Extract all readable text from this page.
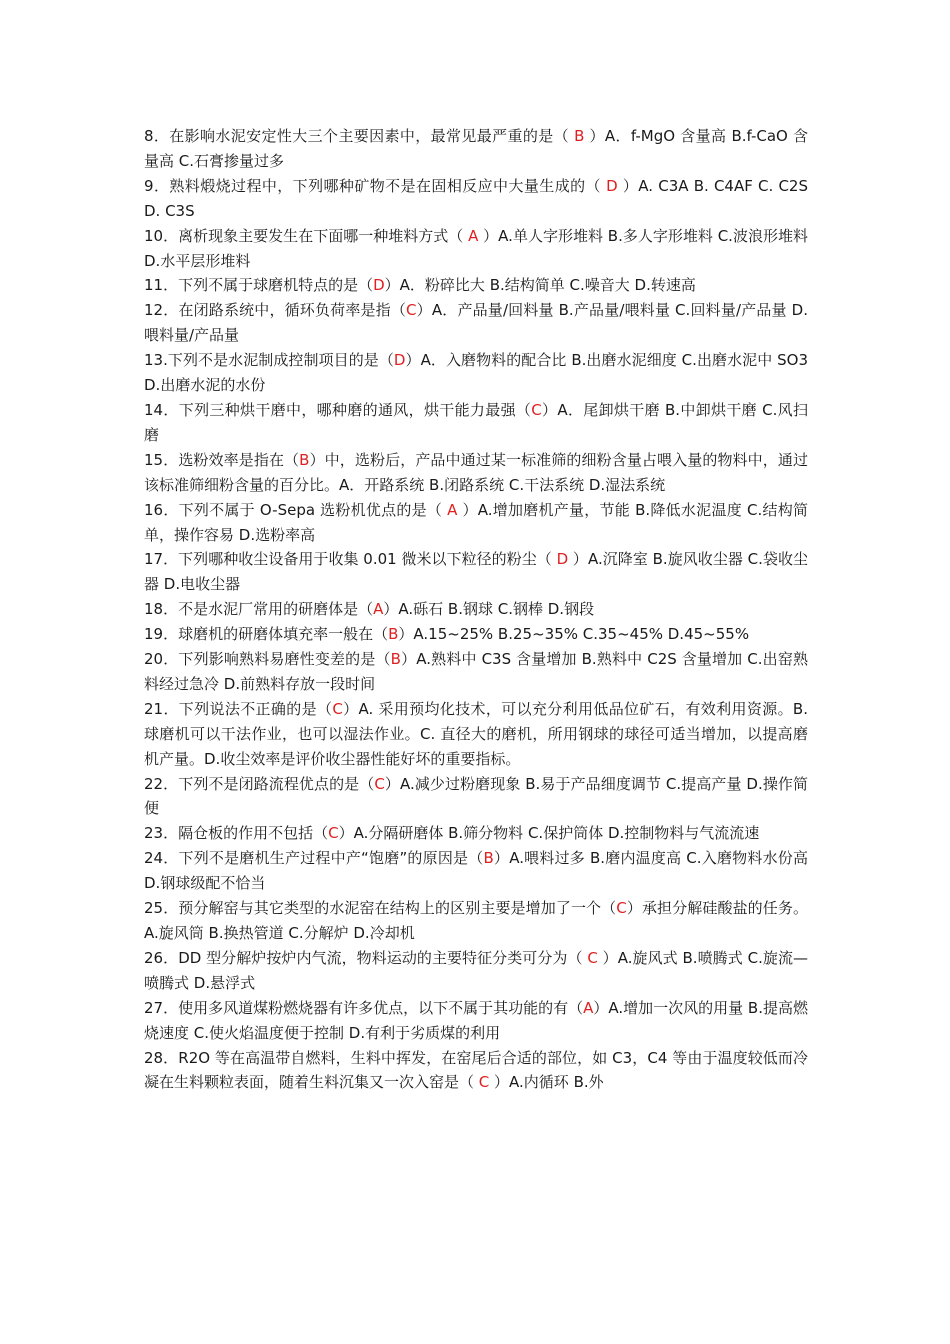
8．在影响水泥安定性大三个主要因素中，最常见最严重的是（ B ）A．f-MgO 含量高 B.f-CaO 含量高 C.石膏掺量过多

9．熟料煅烧过程中，下列哪种矿物不是在固相反应中大量生成的（ D ）A. C3A B. C4AF C. C2S D. C3S

10．离析现象主要发生在下面哪一种堆料方式（ A ）A.单人字形堆料 B.多人字形堆料 C.波浪形堆料 D.水平层形堆料

11．下列不属于球磨机特点的是（D）A．粉碎比大 B.结构简单 C.噪音大 D.转速高

12．在闭路系统中，循环负荷率是指（C）A．产品量/回料量 B.产品量/喂料量 C.回料量/产品量 D.喂料量/产品量

13.下列不是水泥制成控制项目的是（D）A．入磨物料的配合比 B.出磨水泥细度 C.出磨水泥中 SO3 D.出磨水泥的水份

14．下列三种烘干磨中，哪种磨的通风，烘干能力最强（C）A．尾卸烘干磨 B.中卸烘干磨 C.风扫磨

15．选粉效率是指在（B）中，选粉后，产品中通过某一标准筛的细粉含量占喂入量的物料中，通过该标准筛细粉含量的百分比。A．开路系统 B.闭路系统 C.干法系统 D.湿法系统

16．下列不属于 O-Sepa 选粉机优点的是（ A ）A.增加磨机产量，节能 B.降低水泥温度 C.结构简单，操作容易 D.选粉率高

17．下列哪种收尘设备用于收集 0.01 微米以下粒径的粉尘（ D ）A.沉降室 B.旋风收尘器 C.袋收尘器 D.电收尘器

18．不是水泥厂常用的研磨体是（A）A.砾石 B.钢球 C.钢棒 D.钢段

19．球磨机的研磨体填充率一般在（B）A.15~25% B.25~35% C.35~45% D.45~55%

20．下列影响熟料易磨性变差的是（B）A.熟料中 C3S 含量增加 B.熟料中 C2S 含量增加 C.出窑熟料经过急冷 D.前熟料存放一段时间

21．下列说法不正确的是（C）A. 采用预均化技术，可以充分利用低品位矿石，有效利用资源。B. 球磨机可以干法作业，也可以湿法作业。C. 直径大的磨机，所用钢球的球径可适当增加，以提高磨机产量。D.收尘效率是评价收尘器性能好坏的重要指标。

22．下列不是闭路流程优点的是（C）A.减少过粉磨现象 B.易于产品细度调节 C.提高产量 D.操作简便

23．隔仓板的作用不包括（C）A.分隔研磨体 B.筛分物料 C.保护筒体 D.控制物料与气流流速

24．下列不是磨机生产过程中产“饱磨”的原因是（B）A.喂料过多 B.磨内温度高 C.入磨物料水份高 D.钢球级配不恰当

25．预分解窑与其它类型的水泥窑在结构上的区别主要是增加了一个（C）承担分解硅酸盐的任务。A.旋风筒 B.换热管道 C.分解炉 D.冷却机

26．DD 型分解炉按炉内气流，物料运动的主要特征分类可分为（ C ）A.旋风式 B.喷腾式 C.旋流—喷腾式 D.悬浮式

27．使用多风道煤粉燃烧器有许多优点，以下不属于其功能的有（A）A.增加一次风的用量 B.提高燃烧速度 C.使火焰温度便于控制 D.有利于劣质煤的利用

28．R2O 等在高温带自燃料，生料中挥发，在窑尾后合适的部位，如 C3，C4 等由于温度较低而冷凝在生料颗粒表面，随着生料沉集又一次入窑是（ C ）A.内循环 B.外
